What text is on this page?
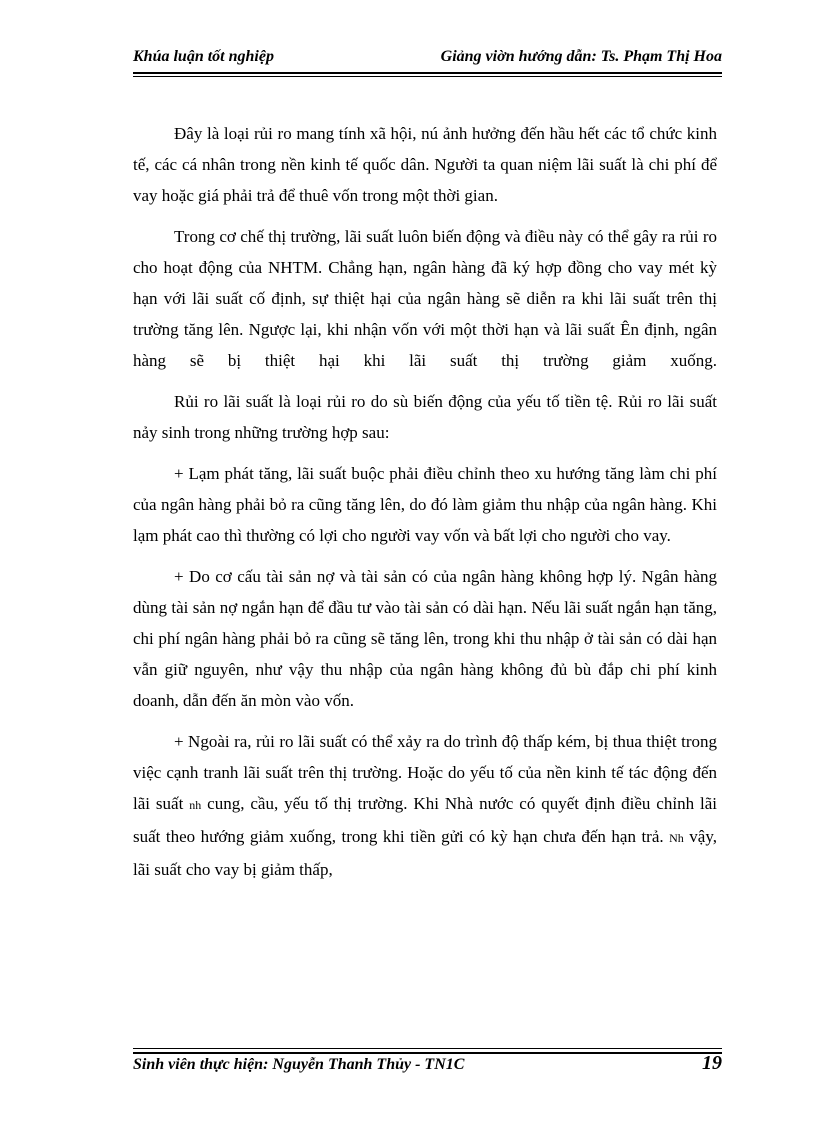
Khúa luận tốt nghiệp	Giảng viờn hướng dẫn: Ts. Phạm Thị Hoa

Đây là loại rủi ro mang tính xã hội, nú ảnh hưởng đến hầu hết các tổ chức kinh tế, các cá nhân trong nền kinh tế quốc dân. Người ta quan niệm lãi suất là chi phí để vay hoặc giá phải trả để thuê vốn trong một thời gian.

Trong cơ chế thị trường, lãi suất luôn biến động và điều này có thể gây ra rủi ro cho hoạt động của NHTM. Chẳng hạn, ngân hàng đã ký hợp đồng cho vay mét kỳ hạn với lãi suất cố định, sự thiệt hại của ngân hàng sẽ diễn ra khi lãi suất trên thị trường tăng lên. Ngược lại, khi nhận vốn với một thời hạn và lãi suất Ên định, ngân hàng sẽ bị thiệt hại khi lãi suất thị trường giảm xuống.

Rủi ro lãi suất là loại rủi ro do sù biến động của yếu tố tiền tệ. Rủi ro lãi suất nảy sinh trong những trường hợp sau:

+ Lạm phát tăng, lãi suất buộc phải điều chỉnh theo xu hướng tăng làm chi phí của ngân hàng phải bỏ ra cũng tăng lên, do đó làm giảm thu nhập của ngân hàng. Khi lạm phát cao thì thường có lợi cho người vay vốn và bất lợi cho người cho vay.

+ Do cơ cấu tài sản nợ và tài sản có của ngân hàng không hợp lý. Ngân hàng dùng tài sản nợ ngắn hạn để đầu tư vào tài sản có dài hạn. Nếu lãi suất ngắn hạn tăng, chi phí ngân hàng phải bỏ ra cũng sẽ tăng lên, trong khi thu nhập ở tài sản có dài hạn vẫn giữ nguyên, như vậy thu nhập của ngân hàng không đủ bù đắp chi phí kinh doanh, dẫn đến ăn mòn vào vốn.

+ Ngoài ra, rủi ro lãi suất có thể xảy ra do trình độ thấp kém, bị thua thiệt trong việc cạnh tranh lãi suất trên thị trường. Hoặc do yếu tố của nền kinh tế tác động đến lãi suất nh cung, cầu, yếu tố thị trường. Khi Nhà nước có quyết định điều chỉnh lãi suất theo hướng giảm xuống, trong khi tiền gửi có kỳ hạn chưa đến hạn trả. Nh vậy, lãi suất cho vay bị giảm thấp,

Sinh viên thực hiện: Nguyễn Thanh Thủy - TN1C	19
